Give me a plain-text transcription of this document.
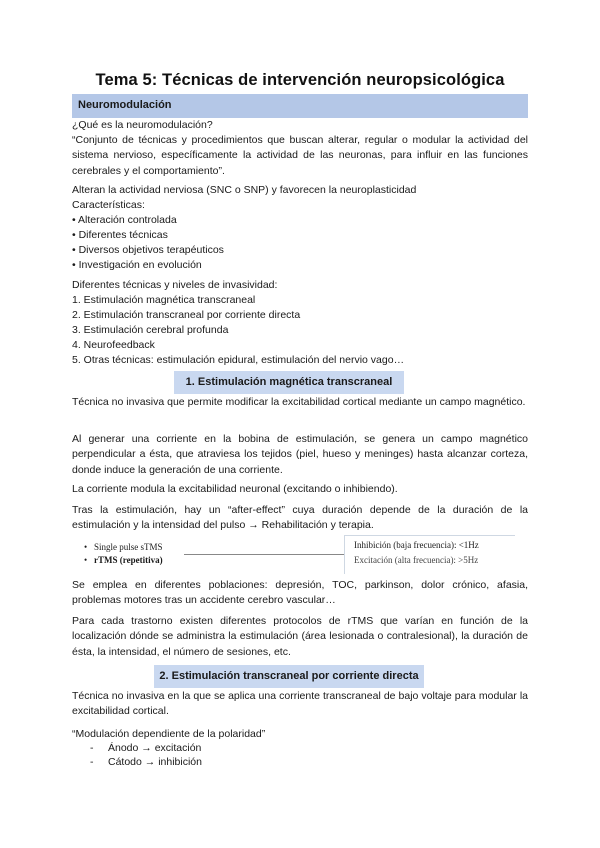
Tema 5: Técnicas de intervención neuropsicológica
Neuromodulación
¿Qué es la neuromodulación?
“Conjunto de técnicas y procedimientos que buscan alterar, regular o modular la actividad del sistema nervioso, específicamente la actividad de las neuronas, para influir en las funciones cerebrales y el comportamiento”.
Alteran la actividad nerviosa (SNC o SNP) y favorecen la neuroplasticidad
Características:
• Alteración controlada
• Diferentes técnicas
• Diversos objetivos terapéuticos
• Investigación en evolución
Diferentes técnicas y niveles de invasividad:
1. Estimulación magnética transcraneal
2. Estimulación transcraneal por corriente directa
3. Estimulación cerebral profunda
4. Neurofeedback
5. Otras técnicas: estimulación epidural, estimulación del nervio vago…
1. Estimulación magnética transcraneal
Técnica no invasiva que permite modificar la excitabilidad cortical mediante un campo magnético.
Al generar una corriente en la bobina de estimulación, se genera un campo magnético perpendicular a ésta, que atraviesa los tejidos (piel, hueso y meninges) hasta alcanzar corteza, donde induce la generación de una corriente.
La corriente modula la excitabilidad neuronal (excitando o inhibiendo).
Tras la estimulación, hay un “after-effect” cuya duración depende de la duración de la estimulación y la intensidad del pulso → Rehabilitación y terapia.
• Single pulse sTMS
• rTMS (repetitiva)
Inhibición (baja frecuencia): <1Hz
Excitación (alta frecuencia): >5Hz
Se emplea en diferentes poblaciones: depresión, TOC, parkinson, dolor crónico, afasia, problemas motores tras un accidente cerebro vascular…
Para cada trastorno existen diferentes protocolos de rTMS que varían en función de la localización dónde se administra la estimulación (área lesionada o contralesional), la duración de ésta, la intensidad, el número de sesiones, etc.
2. Estimulación transcraneal por corriente directa
Técnica no invasiva en la que se aplica una corriente transcraneal de bajo voltaje para modular la excitabilidad cortical.
“Modulación dependiente de la polaridad”
- Ánodo → excitación
- Cátodo → inhibición
